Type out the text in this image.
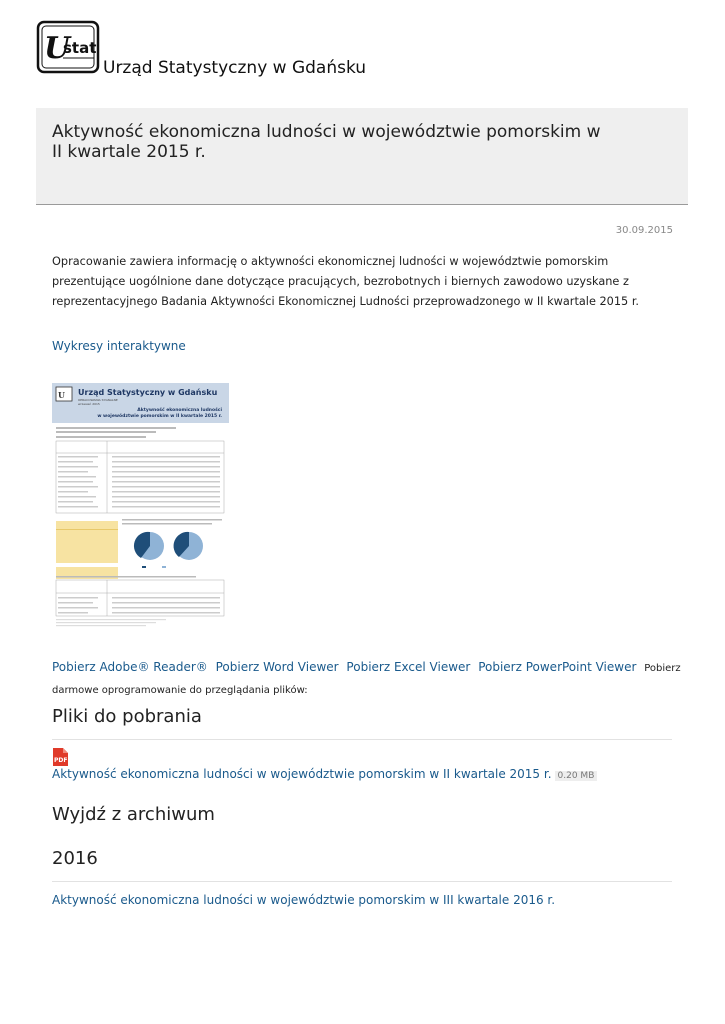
U
stat
Urząd Statystyczny w Gdańsku
Aktywność ekonomiczna ludności w województwie pomorskim w II kwartale 2015 r.
30.09.2015

Opracowanie zawiera informację o aktywności ekonomicznej ludności w województwie pomorskim prezentujące uogólnione dane dotyczące pracujących, bezrobotnych i biernych zawodowo uzyskane z reprezentacyjnego Badania Aktywności Ekonomicznej Ludności przeprowadzonego w II kwartale 2015 r.

Wykresy interaktywne
U Urząd Statystyczny w Gdańsku
OPRACOWANIA SYGNALNE
wrzesień 2015
Aktywność ekonomiczna ludności
w województwie pomorskim w II kwartale 2015 r.
Pobierz Adobe® Reader® Pobierz Word Viewer Pobierz Excel Viewer Pobierz PowerPoint Viewer Pobierz darmowe oprogramowanie do przeglądania plików:
Pliki do pobrania
PDF
Aktywność ekonomiczna ludności w województwie pomorskim w II kwartale 2015 r. 0.20 MB
Wyjdź z archiwum
2016
Aktywność ekonomiczna ludności w województwie pomorskim w III kwartale 2016 r.
